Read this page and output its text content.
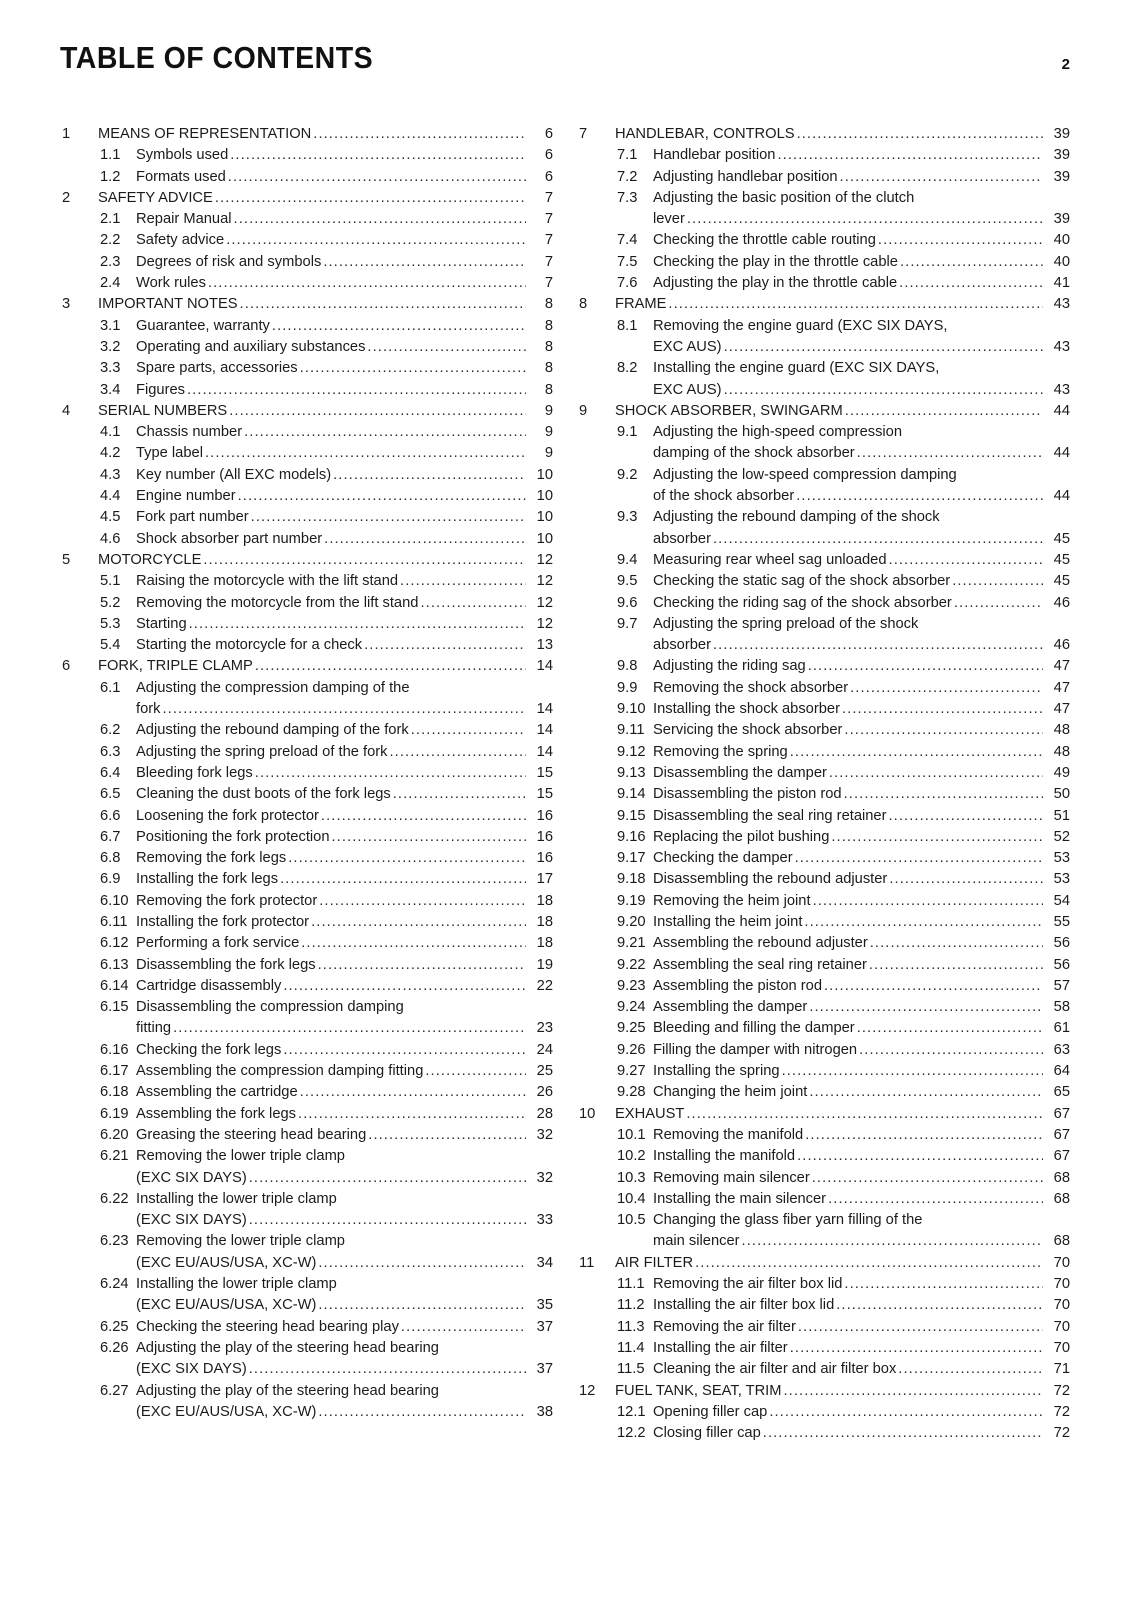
TABLE OF CONTENTS	2
1	MEANS OF REPRESENTATION .....	6
1.1	Symbols used .....	6
1.2	Formats used .....	6
2	SAFETY ADVICE .....	7
2.1	Repair Manual .....	7
2.2	Safety advice .....	7
2.3	Degrees of risk and symbols .....	7
2.4	Work rules .....	7
3	IMPORTANT NOTES .....	8
3.1	Guarantee, warranty .....	8
3.2	Operating and auxiliary substances .....	8
3.3	Spare parts, accessories .....	8
3.4	Figures .....	8
4	SERIAL NUMBERS .....	9
4.1	Chassis number .....	9
4.2	Type label .....	9
4.3	Key number (All EXC models) .....	10
4.4	Engine number .....	10
4.5	Fork part number .....	10
4.6	Shock absorber part number .....	10
5	MOTORCYCLE .....	12
5.1	Raising the motorcycle with the lift stand .....	12
5.2	Removing the motorcycle from the lift stand .....	12
5.3	Starting .....	12
5.4	Starting the motorcycle for a check .....	13
6	FORK, TRIPLE CLAMP .....	14
6.1	Adjusting the compression damping of the
fork .....	14
6.2	Adjusting the rebound damping of the fork .....	14
6.3	Adjusting the spring preload of the fork .....	14
6.4	Bleeding fork legs .....	15
6.5	Cleaning the dust boots of the fork legs .....	15
6.6	Loosening the fork protector .....	16
6.7	Positioning the fork protection .....	16
6.8	Removing the fork legs .....	16
6.9	Installing the fork legs .....	17
6.10 Removing the fork protector .....	18
6.11 Installing the fork protector .....	18
6.12 Performing a fork service .....	18
6.13 Disassembling the fork legs .....	19
6.14 Cartridge disassembly .....	22
6.15 Disassembling the compression damping
fitting .....	23
6.16 Checking the fork legs .....	24
6.17 Assembling the compression damping fitting .....	25
6.18 Assembling the cartridge .....	26
6.19 Assembling the fork legs .....	28
6.20 Greasing the steering head bearing .....	32
6.21 Removing the lower triple clamp
(EXC SIX DAYS) .....	32
6.22 Installing the lower triple clamp
(EXC SIX DAYS) .....	33
6.23 Removing the lower triple clamp
(EXC EU/AUS/USA, XC-W) .....	34
6.24 Installing the lower triple clamp
(EXC EU/AUS/USA, XC-W) .....	35
6.25 Checking the steering head bearing play .....	37
6.26 Adjusting the play of the steering head bearing
(EXC SIX DAYS) .....	37
6.27 Adjusting the play of the steering head bearing
(EXC EU/AUS/USA, XC-W) .....	38
7	HANDLEBAR, CONTROLS .....	39
7.1	Handlebar position .....	39
7.2	Adjusting handlebar position .....	39
7.3	Adjusting the basic position of the clutch
lever .....	39
7.4	Checking the throttle cable routing .....	40
7.5	Checking the play in the throttle cable .....	40
7.6	Adjusting the play in the throttle cable .....	41
8	FRAME .....	43
8.1	Removing the engine guard (EXC SIX DAYS,
EXC AUS) .....	43
8.2	Installing the engine guard (EXC SIX DAYS,
EXC AUS) .....	43
9	SHOCK ABSORBER, SWINGARM .....	44
9.1	Adjusting the high-speed compression
damping of the shock absorber .....	44
9.2	Adjusting the low-speed compression damping
of the shock absorber .....	44
9.3	Adjusting the rebound damping of the shock
absorber .....	45
9.4	Measuring rear wheel sag unloaded .....	45
9.5	Checking the static sag of the shock absorber .....	45
9.6	Checking the riding sag of the shock absorber .....	46
9.7	Adjusting the spring preload of the shock
absorber .....	46
9.8	Adjusting the riding sag .....	47
9.9	Removing the shock absorber .....	47
9.10 Installing the shock absorber .....	47
9.11 Servicing the shock absorber .....	48
9.12 Removing the spring .....	48
9.13 Disassembling the damper .....	49
9.14 Disassembling the piston rod .....	50
9.15 Disassembling the seal ring retainer .....	51
9.16 Replacing the pilot bushing .....	52
9.17 Checking the damper .....	53
9.18 Disassembling the rebound adjuster .....	53
9.19 Removing the heim joint .....	54
9.20 Installing the heim joint .....	55
9.21 Assembling the rebound adjuster .....	56
9.22 Assembling the seal ring retainer .....	56
9.23 Assembling the piston rod .....	57
9.24 Assembling the damper .....	58
9.25 Bleeding and filling the damper .....	61
9.26 Filling the damper with nitrogen .....	63
9.27 Installing the spring .....	64
9.28 Changing the heim joint .....	65
10	EXHAUST .....	67
10.1 Removing the manifold .....	67
10.2 Installing the manifold .....	67
10.3 Removing main silencer .....	68
10.4 Installing the main silencer .....	68
10.5 Changing the glass fiber yarn filling of the
main silencer .....	68
11	AIR FILTER .....	70
11.1 Removing the air filter box lid .....	70
11.2 Installing the air filter box lid .....	70
11.3 Removing the air filter .....	70
11.4 Installing the air filter .....	70
11.5 Cleaning the air filter and air filter box .....	71
12	FUEL TANK, SEAT, TRIM .....	72
12.1 Opening filler cap .....	72
12.2 Closing filler cap .....	72
